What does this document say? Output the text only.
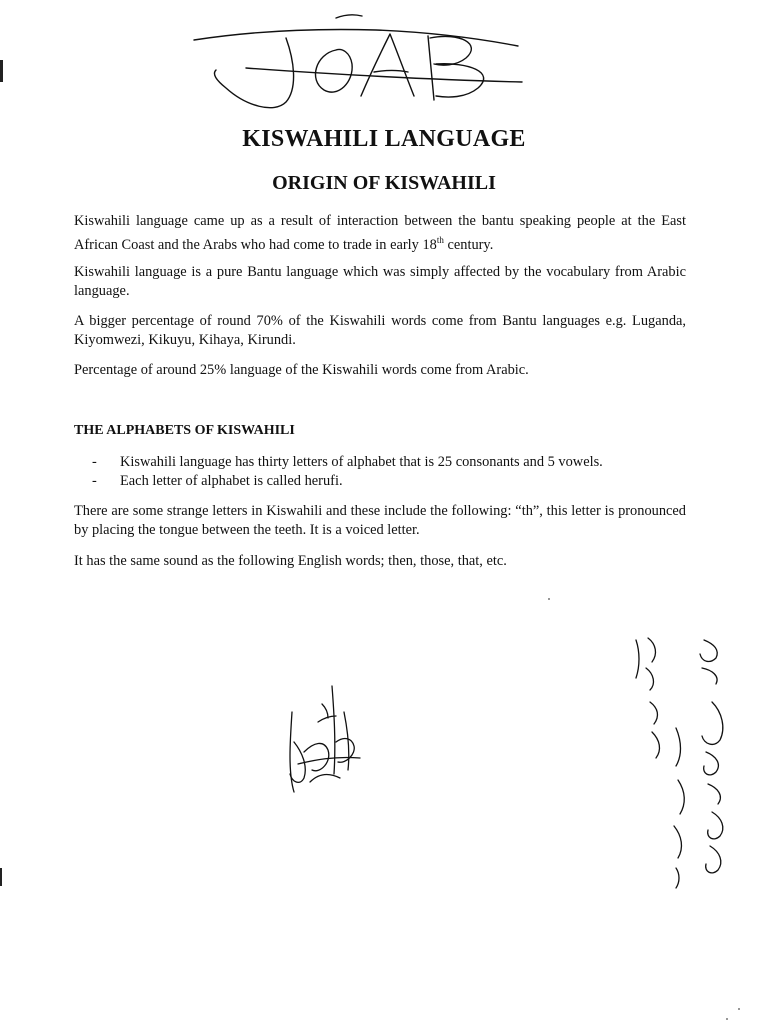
KISWAHILI LANGUAGE
ORIGIN OF KISWAHILI

Kiswahili language came up as a result of interaction between the bantu speaking people at the East African Coast and the Arabs who had come to trade in early 18th century.

Kiswahili language is a pure Bantu language which was simply affected by the vocabulary from Arabic language.

A bigger percentage of round 70% of the Kiswahili words come from Bantu languages e.g. Luganda, Kiyomwezi, Kikuyu, Kihaya, Kirundi.

Percentage of around 25% language of the Kiswahili words come from Arabic.

THE ALPHABETS OF KISWAHILI
-	Kiswahili language has thirty letters of alphabet that is 25 consonants and 5 vowels.
-	Each letter of alphabet is called herufi.

There are some strange letters in Kiswahili and these include the following: “th”, this letter is pronounced by placing the tongue between the teeth. It is a voiced letter.

It has the same sound as the following English words; then, those, that, etc.
